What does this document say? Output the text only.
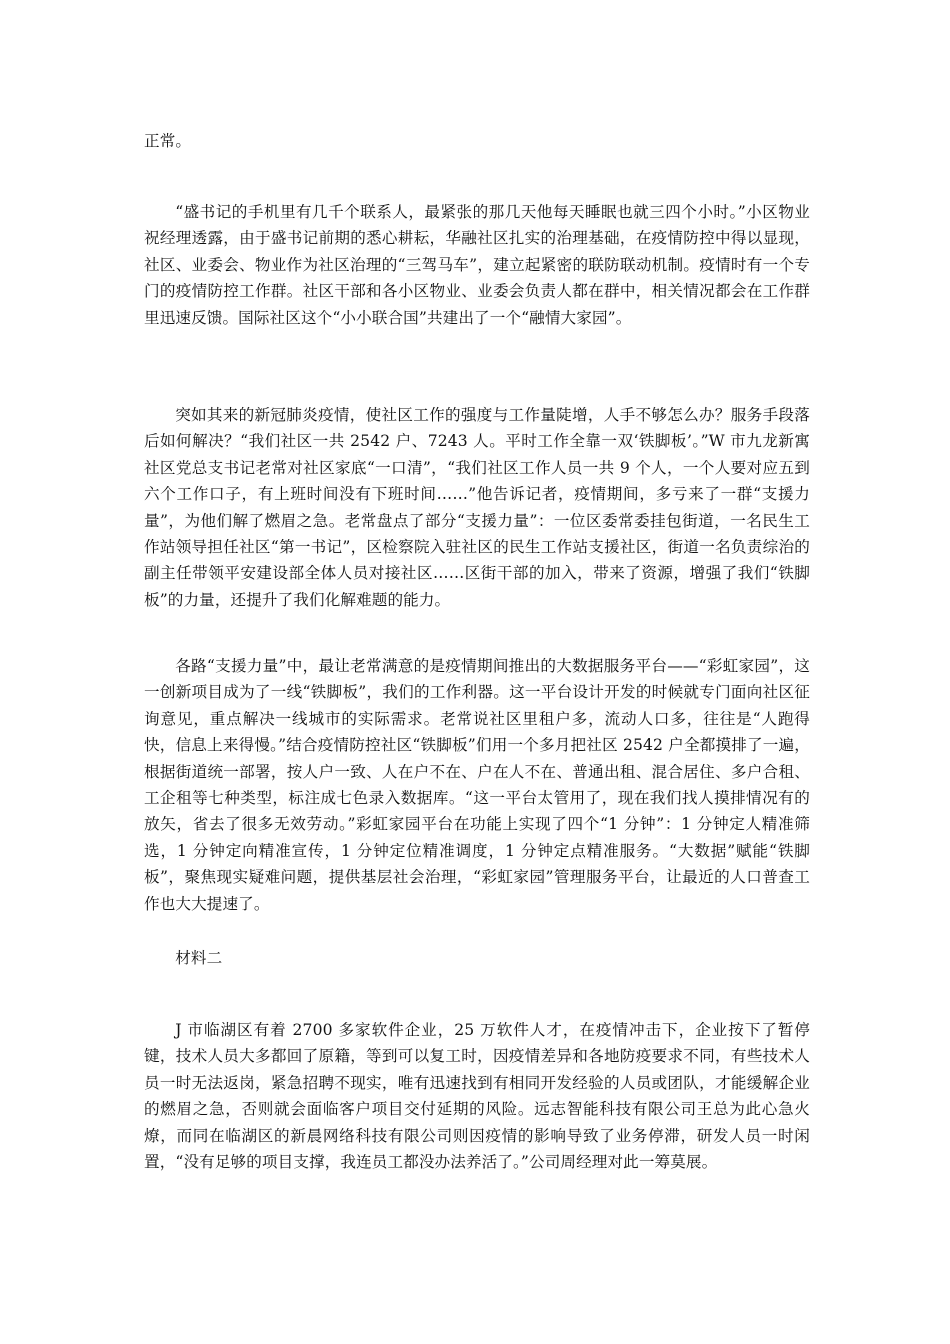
正常。

“盛书记的手机里有几千个联系人，最紧张的那几天他每天睡眠也就三四个小时。”小区物业祝经理透露，由于盛书记前期的悉心耕耘，华融社区扎实的治理基础，在疫情防控中得以显现，社区、业委会、物业作为社区治理的“三驾马车”，建立起紧密的联防联动机制。疫情时有一个专门的疫情防控工作群。社区干部和各小区物业、业委会负责人都在群中，相关情况都会在工作群里迅速反馈。国际社区这个“小小联合国”共建出了一个“融情大家园”。

突如其来的新冠肺炎疫情，使社区工作的强度与工作量陡增，人手不够怎么办？服务手段落后如何解决？“我们社区一共 2542 户、7243 人。平时工作全靠一双‘铁脚板’。”W 市九龙新寓社区党总支书记老常对社区家底“一口清”，“我们社区工作人员一共 9 个人，一个人要对应五到六个工作口子，有上班时间没有下班时间……”他告诉记者，疫情期间，多亏来了一群“支援力量”，为他们解了燃眉之急。老常盘点了部分“支援力量”：一位区委常委挂包街道，一名民生工作站领导担任社区“第一书记”，区检察院入驻社区的民生工作站支援社区，街道一名负责综治的副主任带领平安建设部全体人员对接社区……区街干部的加入，带来了资源，增强了我们“铁脚板”的力量，还提升了我们化解难题的能力。

各路“支援力量”中，最让老常满意的是疫情期间推出的大数据服务平台——“彩虹家园”，这一创新项目成为了一线“铁脚板”，我们的工作利器。这一平台设计开发的时候就专门面向社区征询意见，重点解决一线城市的实际需求。老常说社区里租户多，流动人口多，往往是“人跑得快，信息上来得慢。”结合疫情防控社区“铁脚板”们用一个多月把社区 2542 户全都摸排了一遍，根据街道统一部署，按人户一致、人在户不在、户在人不在、普通出租、混合居住、多户合租、工企租等七种类型，标注成七色录入数据库。“这一平台太管用了，现在我们找人摸排情况有的放矢，省去了很多无效劳动。”彩虹家园平台在功能上实现了四个“1 分钟”：1 分钟定人精准筛选，1 分钟定向精准宣传，1 分钟定位精准调度，1 分钟定点精准服务。“大数据”赋能“铁脚板”，聚焦现实疑难问题，提供基层社会治理，“彩虹家园”管理服务平台，让最近的人口普查工作也大大提速了。

材料二

J 市临湖区有着 2700 多家软件企业，25 万软件人才，在疫情冲击下，企业按下了暂停键，技术人员大多都回了原籍，等到可以复工时，因疫情差异和各地防疫要求不同，有些技术人员一时无法返岗，紧急招聘不现实，唯有迅速找到有相同开发经验的人员或团队，才能缓解企业的燃眉之急，否则就会面临客户项目交付延期的风险。远志智能科技有限公司王总为此心急火燎，而同在临湖区的新晨网络科技有限公司则因疫情的影响导致了业务停滞，研发人员一时闲置，“没有足够的项目支撑，我连员工都没办法养活了。”公司周经理对此一筹莫展。
